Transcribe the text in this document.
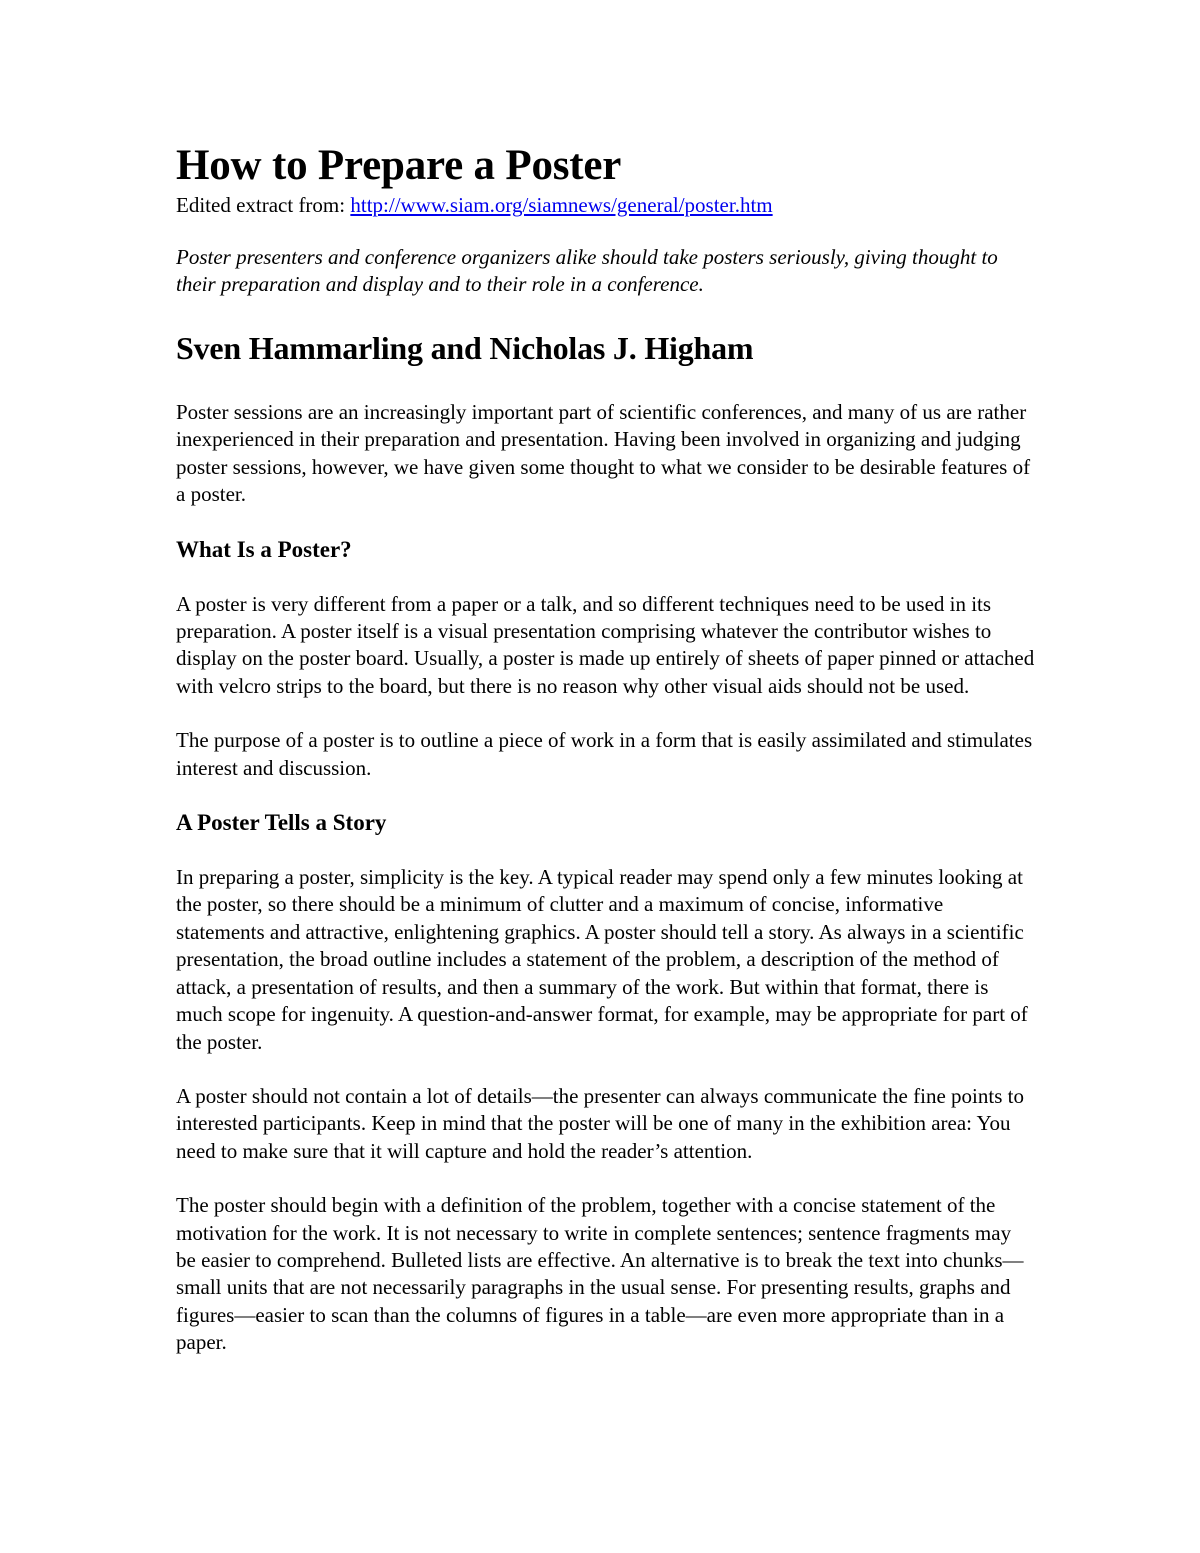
How to Prepare a Poster

Edited extract from: http://www.siam.org/siamnews/general/poster.htm

Poster presenters and conference organizers alike should take posters seriously, giving thought to their preparation and display and to their role in a conference.

Sven Hammarling and Nicholas J. Higham

Poster sessions are an increasingly important part of scientific conferences, and many of us are rather inexperienced in their preparation and presentation. Having been involved in organizing and judging poster sessions, however, we have given some thought to what we consider to be desirable features of a poster.

What Is a Poster?

A poster is very different from a paper or a talk, and so different techniques need to be used in its preparation. A poster itself is a visual presentation comprising whatever the contributor wishes to display on the poster board. Usually, a poster is made up entirely of sheets of paper pinned or attached with velcro strips to the board, but there is no reason why other visual aids should not be used.

The purpose of a poster is to outline a piece of work in a form that is easily assimilated and stimulates interest and discussion.

A Poster Tells a Story

In preparing a poster, simplicity is the key. A typical reader may spend only a few minutes looking at the poster, so there should be a minimum of clutter and a maximum of concise, informative statements and attractive, enlightening graphics. A poster should tell a story. As always in a scientific presentation, the broad outline includes a statement of the problem, a description of the method of attack, a presentation of results, and then a summary of the work. But within that format, there is much scope for ingenuity. A question-and-answer format, for example, may be appropriate for part of the poster.

A poster should not contain a lot of details—the presenter can always communicate the fine points to interested participants. Keep in mind that the poster will be one of many in the exhibition area: You need to make sure that it will capture and hold the reader’s attention.

The poster should begin with a definition of the problem, together with a concise statement of the motivation for the work. It is not necessary to write in complete sentences; sentence fragments may be easier to comprehend. Bulleted lists are effective. An alternative is to break the text into chunks—small units that are not necessarily paragraphs in the usual sense. For presenting results, graphs and figures—easier to scan than the columns of figures in a table—are even more appropriate than in a paper.
